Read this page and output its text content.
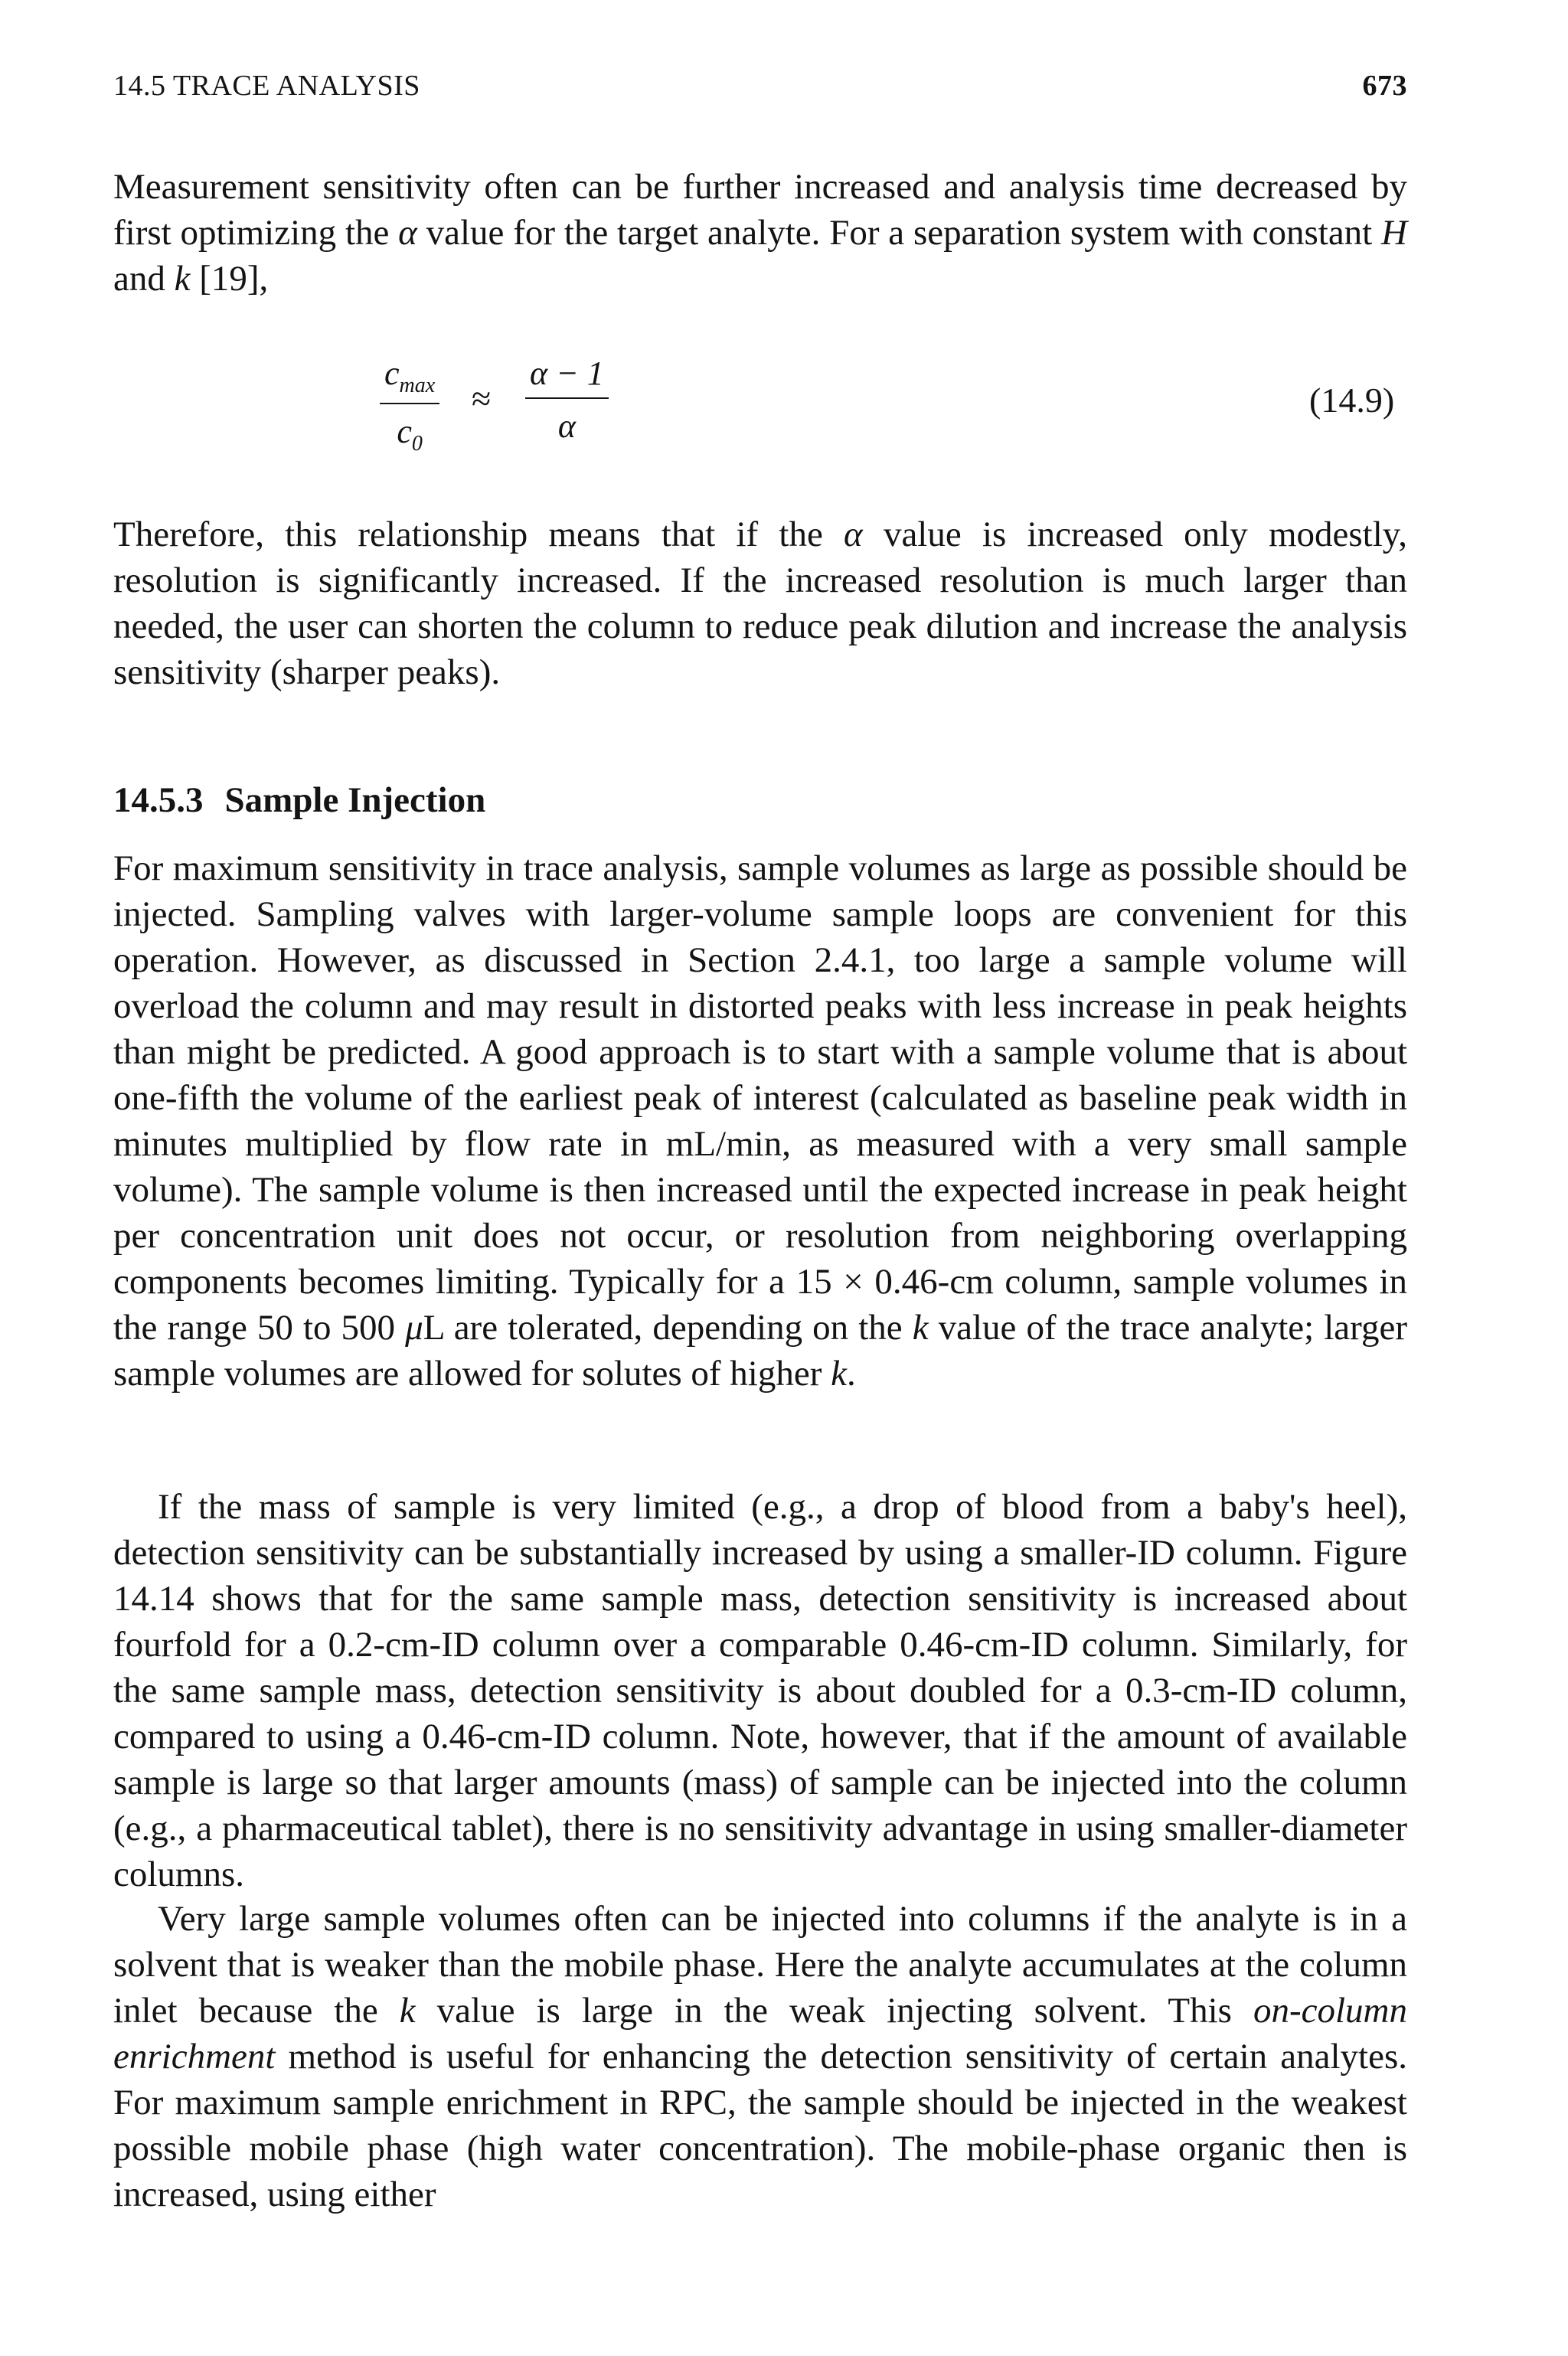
14.5 TRACE ANALYSIS	673

Measurement sensitivity often can be further increased and analysis time decreased by first optimizing the α value for the target analyte. For a separation system with constant H and k [19],

$c_{max}$
$c_0$
≈ $\frac{\alpha - 1}{\alpha}$	(14.9)

Therefore, this relationship means that if the α value is increased only modestly, resolution is significantly increased. If the increased resolution is much larger than needed, the user can shorten the column to reduce peak dilution and increase the analysis sensitivity (sharper peaks).

14.5.3 Sample Injection

For maximum sensitivity in trace analysis, sample volumes as large as possible should be injected. Sampling valves with larger-volume sample loops are convenient for this operation. However, as discussed in Section 2.4.1, too large a sample volume will overload the column and may result in distorted peaks with less increase in peak heights than might be predicted. A good approach is to start with a sample volume that is about one-fifth the volume of the earliest peak of interest (calculated as baseline peak width in minutes multiplied by flow rate in mL/min, as measured with a very small sample volume). The sample volume is then increased until the expected increase in peak height per concentration unit does not occur, or resolution from neighboring overlapping components becomes limiting. Typically for a 15 × 0.46-cm column, sample volumes in the range 50 to 500 μL are tolerated, depending on the k value of the trace analyte; larger sample volumes are allowed for solutes of higher k.

If the mass of sample is very limited (e.g., a drop of blood from a baby's heel), detection sensitivity can be substantially increased by using a smaller-ID column. Figure 14.14 shows that for the same sample mass, detection sensitivity is increased about fourfold for a 0.2-cm-ID column over a comparable 0.46-cm-ID column. Similarly, for the same sample mass, detection sensitivity is about doubled for a 0.3-cm-ID column, compared to using a 0.46-cm-ID column. Note, however, that if the amount of available sample is large so that larger amounts (mass) of sample can be injected into the column (e.g., a pharmaceutical tablet), there is no sensitivity advantage in using smaller-diameter columns.

Very large sample volumes often can be injected into columns if the analyte is in a solvent that is weaker than the mobile phase. Here the analyte accumulates at the column inlet because the k value is large in the weak injecting solvent. This on-column enrichment method is useful for enhancing the detection sensitivity of certain analytes. For maximum sample enrichment in RPC, the sample should be injected in the weakest possible mobile phase (high water concentration). The mobile-phase organic then is increased, using either
